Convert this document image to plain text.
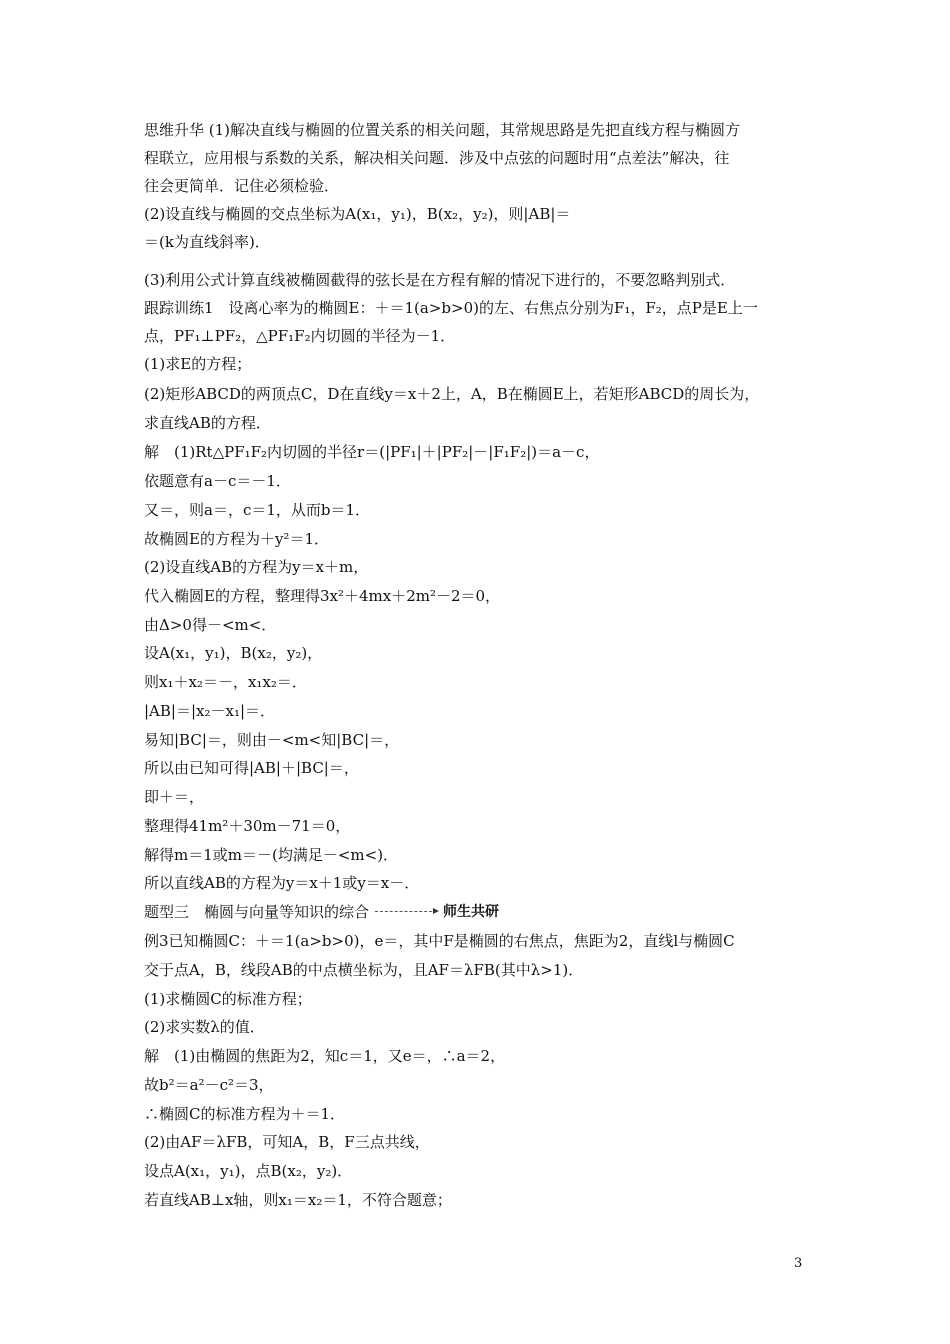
思维升华 (1)解决直线与椭圆的位置关系的相关问题，其常规思路是先把直线方程与椭圆方
程联立，应用根与系数的关系，解决相关问题．涉及中点弦的问题时用“点差法”解决，往
往会更简单．记住必须检验．
(2)设直线与椭圆的交点坐标为A(x₁，y₁)，B(x₂，y₂)，则|AB|＝
＝(k为直线斜率)．
(3)利用公式计算直线被椭圆截得的弦长是在方程有解的情况下进行的，不要忽略判别式．
跟踪训练1　设离心率为的椭圆E：＋＝1(a>b>0)的左、右焦点分别为F₁，F₂，点P是E上一
点，PF₁⊥PF₂，△PF₁F₂内切圆的半径为－1．
(1)求E的方程；
(2)矩形ABCD的两顶点C，D在直线y＝x＋2上，A，B在椭圆E上，若矩形ABCD的周长为，
求直线AB的方程．
解　(1)Rt△PF₁F₂内切圆的半径r＝(|PF₁|＋|PF₂|－|F₁F₂|)＝a－c，
依题意有a－c＝－1．
又＝，则a＝，c＝1，从而b＝1．
故椭圆E的方程为＋y²＝1．
(2)设直线AB的方程为y＝x＋m，
代入椭圆E的方程，整理得3x²＋4mx＋2m²－2＝0，
由Δ>0得－<m<．
设A(x₁，y₁)，B(x₂，y₂)，
则x₁＋x₂＝－，x₁x₂＝．
|AB|＝|x₂－x₁|＝．
易知|BC|＝，则由－<m<知|BC|＝，
所以由已知可得|AB|＋|BC|＝，
即＋＝，
整理得41m²＋30m－71＝0，
解得m＝1或m＝－(均满足－<m<)．
所以直线AB的方程为y＝x＋1或y＝x－．
题型三　椭圆与向量等知识的综合	师生共研
例3已知椭圆C：＋＝1(a>b>0)，e＝，其中F是椭圆的右焦点，焦距为2，直线l与椭圆C
交于点A，B，线段AB的中点横坐标为，且AF＝λFB(其中λ>1)．
(1)求椭圆C的标准方程；
(2)求实数λ的值．
解　(1)由椭圆的焦距为2，知c＝1，又e＝，∴a＝2，
故b²＝a²－c²＝3，
∴椭圆C的标准方程为＋＝1．
(2)由AF＝λFB，可知A，B，F三点共线，
设点A(x₁，y₁)，点B(x₂，y₂)．
若直线AB⊥x轴，则x₁＝x₂＝1，不符合题意；
3
